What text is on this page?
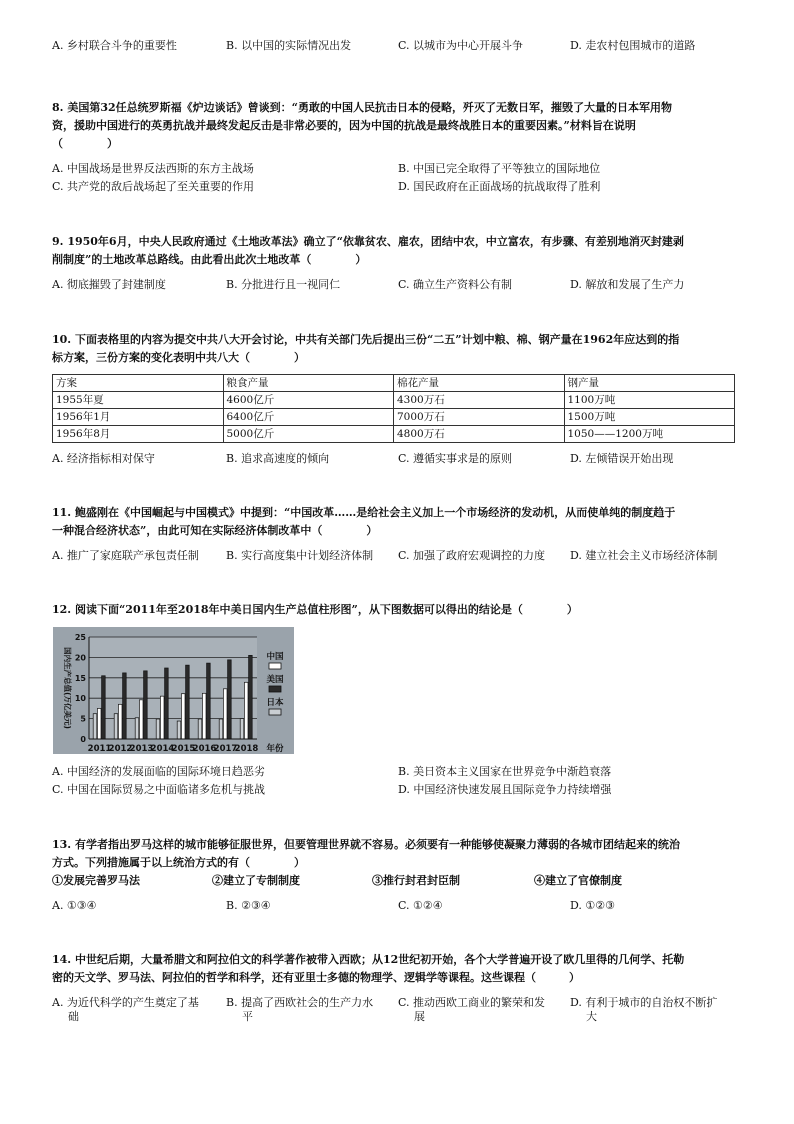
A. 乡村联合斗争的重要性	B. 以中国的实际情况出发	C. 以城市为中心开展斗争	D. 走农村包围城市的道路
8. 美国第32任总统罗斯福《炉边谈话》曾谈到：“勇敢的中国人民抗击日本的侵略，歼灭了无数日军，摧毁了大量的日本军用物
资，援助中国进行的英勇抗战并最终发起反击是非常必要的，因为中国的抗战是最终战胜日本的重要因素。”材料旨在说明
（　　　　）
A. 中国战场是世界反法西斯的东方主战场	B. 中国已完全取得了平等独立的国际地位
C. 共产党的敌后战场起了至关重要的作用	D. 国民政府在正面战场的抗战取得了胜利
9. 1950年6月，中央人民政府通过《土地改革法》确立了“依靠贫农、雇农，团结中农，中立富农，有步骤、有差别地消灭封建剥
削制度”的土地改革总路线。由此看出此次土地改革（　　　　）
A. 彻底摧毁了封建制度	B. 分批进行且一视同仁	C. 确立生产资料公有制	D. 解放和发展了生产力
10. 下面表格里的内容为提交中共八大开会讨论，中共有关部门先后提出三份“二五”计划中粮、棉、钢产量在1962年应达到的指
标方案，三份方案的变化表明中共八大（　　　　）
方案	粮食产量	棉花产量	钢产量
1955年夏	4600亿斤	4300万石	1100万吨
1956年1月	6400亿斤	7000万石	1500万吨
1956年8月	5000亿斤	4800万石	1050——1200万吨
A. 经济指标相对保守	B. 追求高速度的倾向	C. 遵循实事求是的原则	D. 左倾错误开始出现
11. 鲍盛刚在《中国崛起与中国模式》中提到：“中国改革……是给社会主义加上一个市场经济的发动机，从而使单纯的制度趋于
一种混合经济状态”，由此可知在实际经济体制改革中（　　　　）
A. 推广了家庭联产承包责任制 B. 实行高度集中计划经济体制 C. 加强了政府宏观调控的力度 D. 建立社会主义市场经济体制
12. 阅读下面“2011年至2018年中美日国内生产总值柱形图”，从下图数据可以得出的结论是（　　　　）
0
5
10
15
20
25
国内生产总值(万亿美元)
2011
2012
2013
2014
2015
2016
2017
2018 年份
中国
美国
日本
A. 中国经济的发展面临的国际环境日趋恶劣	B. 美日资本主义国家在世界竞争中渐趋衰落
C. 中国在国际贸易之中面临诸多危机与挑战	D. 中国经济快速发展且国际竞争力持续增强
13. 有学者指出罗马这样的城市能够征服世界，但要管理世界就不容易。必须要有一种能够使凝聚力薄弱的各城市团结起来的统治
方式。下列措施属于以上统治方式的有（　　　　）
①发展完善罗马法	②建立了专制制度	③推行封君封臣制	④建立了官僚制度
A. ①③④	B. ②③④	C. ①②④	D. ①②③
14. 中世纪后期，大量希腊文和阿拉伯文的科学著作被带入西欧；从12世纪初开始，各个大学普遍开设了欧几里得的几何学、托勒
密的天文学、罗马法、阿拉伯的哲学和科学，还有亚里士多德的物理学、逻辑学等课程。这些课程（　　　）
A. 为近代科学的产生奠定了基
础
B. 提高了西欧社会的生产力水
平
C. 推动西欧工商业的繁荣和发
展
D. 有利于城市的自治权不断扩
大
